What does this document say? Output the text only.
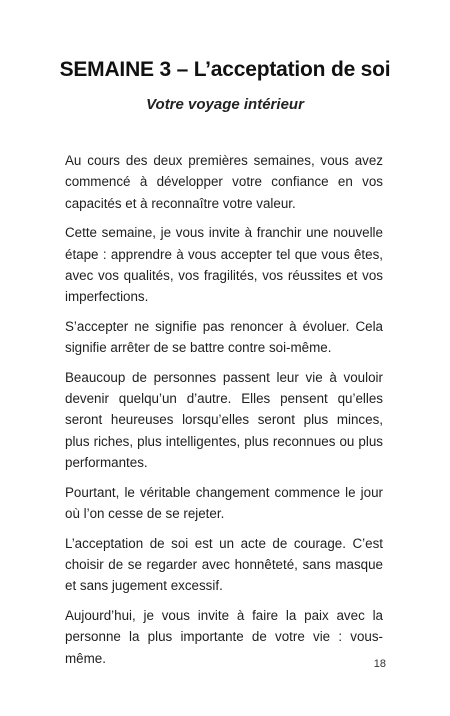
SEMAINE 3 – L’acceptation de soi
Votre voyage intérieur

Au cours des deux premières semaines, vous avez commencé à développer votre confiance en vos capacités et à reconnaître votre valeur.

Cette semaine, je vous invite à franchir une nouvelle étape : apprendre à vous accepter tel que vous êtes, avec vos qualités, vos fragilités, vos réussites et vos imperfections.

S’accepter ne signifie pas renoncer à évoluer. Cela signifie arrêter de se battre contre soi-même.

Beaucoup de personnes passent leur vie à vouloir devenir quelqu’un d’autre. Elles pensent qu’elles seront heureuses lorsqu’elles seront plus minces, plus riches, plus intelligentes, plus reconnues ou plus performantes.

Pourtant, le véritable changement commence le jour où l’on cesse de se rejeter.

L’acceptation de soi est un acte de courage. C’est choisir de se regarder avec honnêteté, sans masque et sans jugement excessif.

Aujourd’hui, je vous invite à faire la paix avec la personne la plus importante de votre vie : vous-même.	18
